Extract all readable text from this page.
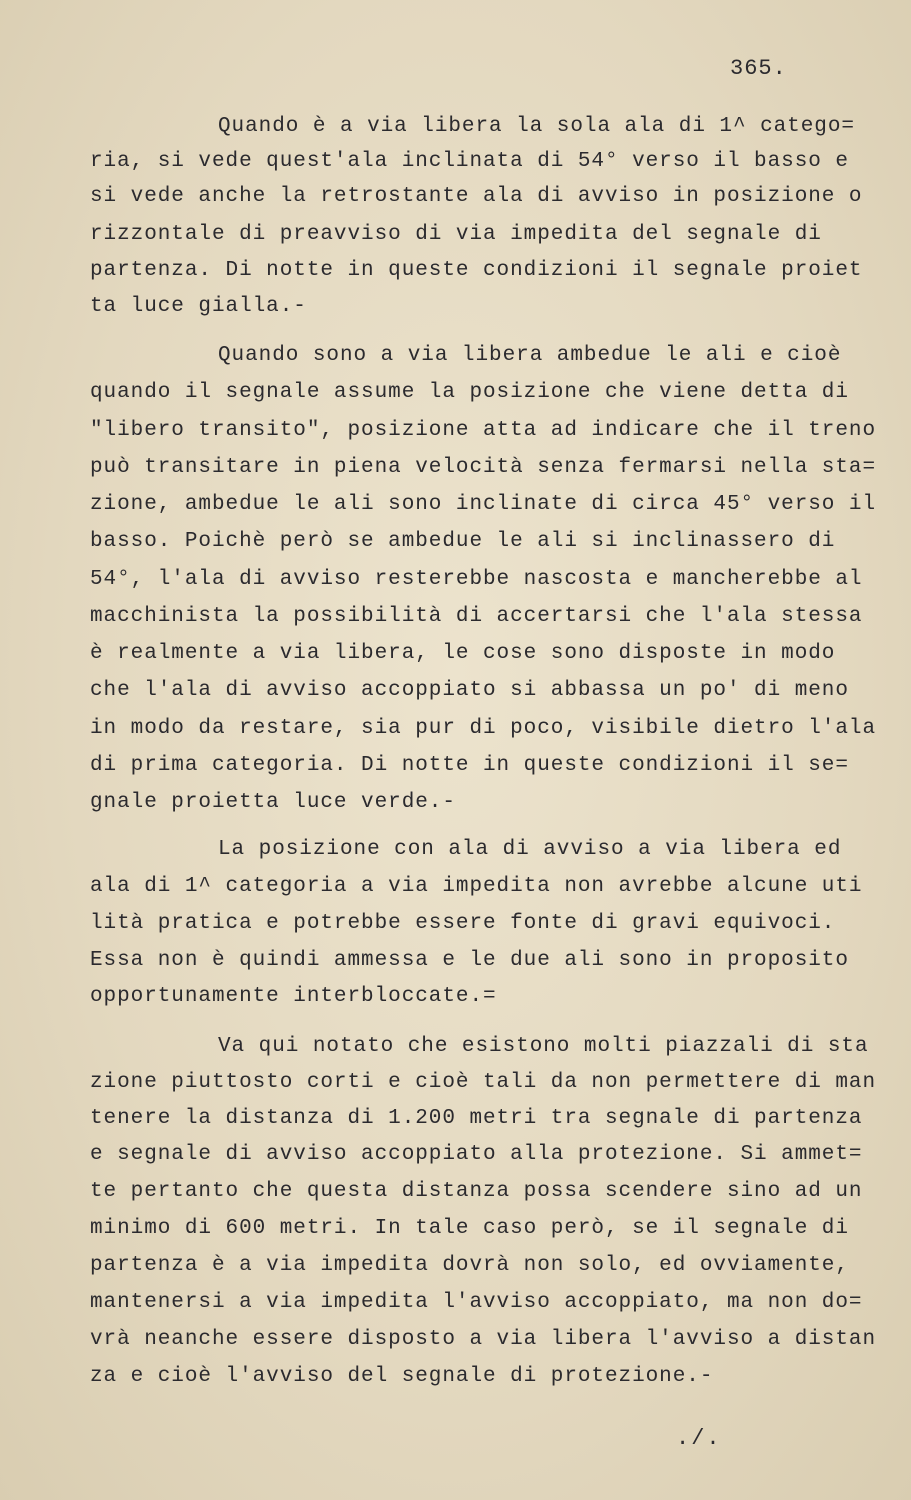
365.
Quando è a via libera la sola ala di 1^ catego=
ria, si vede quest'ala inclinata di 54° verso il basso e
si vede anche la retrostante ala di avviso in posizione o
rizzontale di preavviso di via impedita del segnale di
partenza. Di notte in queste condizioni il segnale proiet
ta luce gialla.-
Quando sono a via libera ambedue le ali e cioè
quando il segnale assume la posizione che viene detta di
"libero transito", posizione atta ad indicare che il treno
può transitare in piena velocità senza fermarsi nella sta=
zione, ambedue le ali sono inclinate di circa 45° verso il
basso. Poichè però se ambedue le ali si inclinassero di
54°, l'ala di avviso resterebbe nascosta e mancherebbe al
macchinista la possibilità di accertarsi che l'ala stessa
è realmente a via libera, le cose sono disposte in modo
che l'ala di avviso accoppiato si abbassa un po' di meno
in modo da restare, sia pur di poco, visibile dietro l'ala
di prima categoria. Di notte in queste condizioni il se=
gnale proietta luce verde.-
La posizione con ala di avviso a via libera ed
ala di 1^ categoria a via impedita non avrebbe alcune uti
lità pratica e potrebbe essere fonte di gravi equivoci.
Essa non è quindi ammessa e le due ali sono in proposito
opportunamente interbloccate.=
Va qui notato che esistono molti piazzali di sta
zione piuttosto corti e cioè tali da non permettere di man
tenere la distanza di 1.200 metri tra segnale di partenza
e segnale di avviso accoppiato alla protezione. Si ammet=
te pertanto che questa distanza possa scendere sino ad un
minimo di 600 metri. In tale caso però, se il segnale di
partenza è a via impedita dovrà non solo, ed ovviamente,
mantenersi a via impedita l'avviso accoppiato, ma non do=
vrà neanche essere disposto a via libera l'avviso a distan
za e cioè l'avviso del segnale di protezione.-
./.
